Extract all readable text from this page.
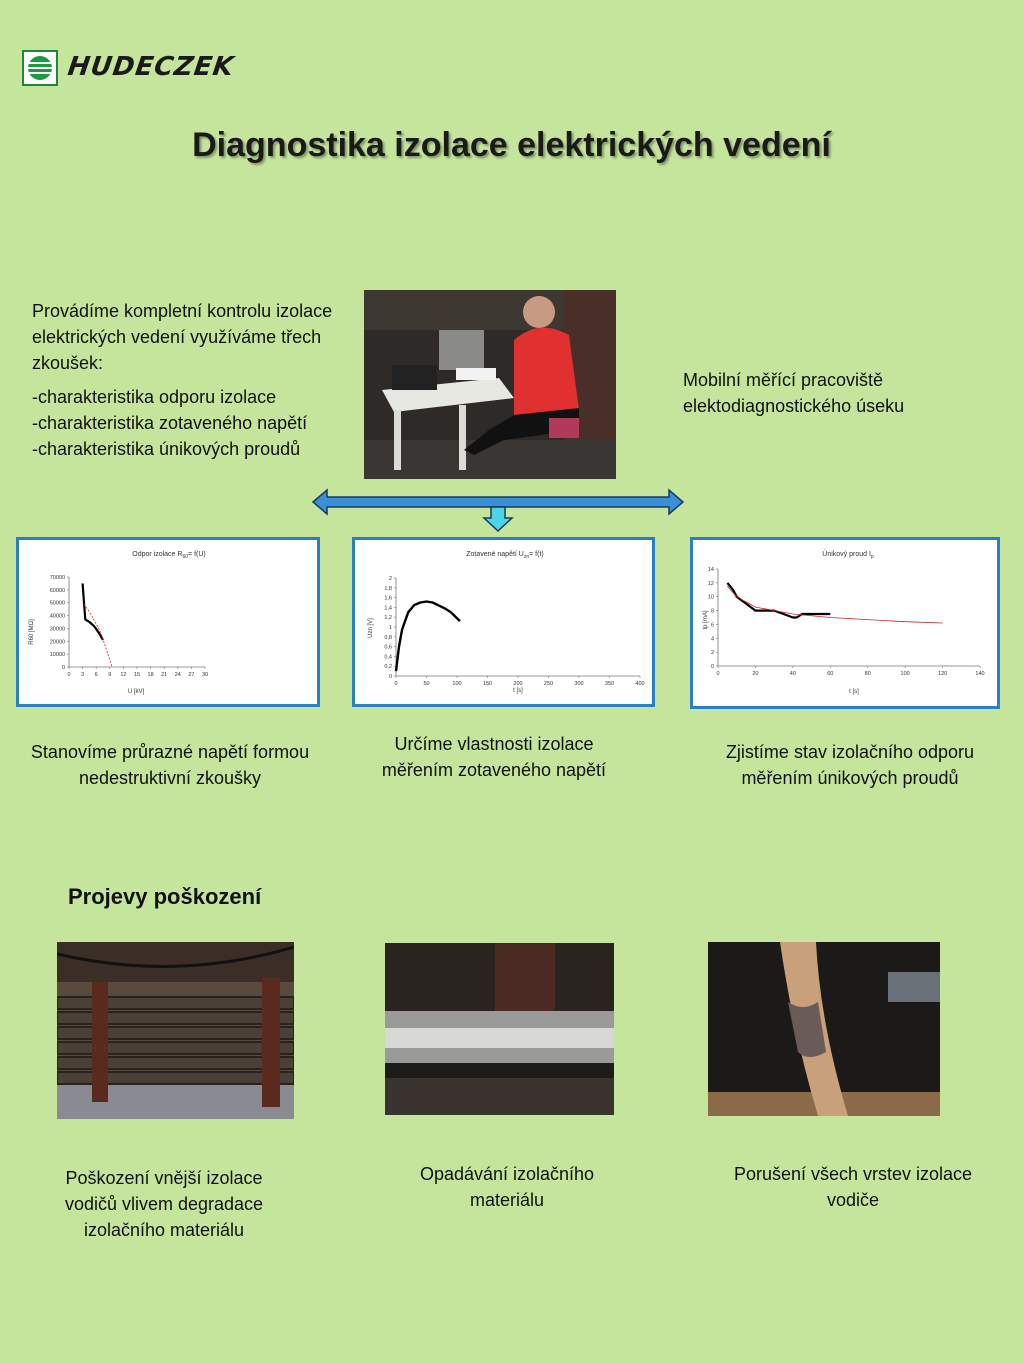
HUDECZEK
Diagnostika izolace elektrických vedení

Provádíme kompletní kontrolu izolace elektrických vedení využíváme třech zkoušek:

-charakteristika odporu izolace
-charakteristika zotaveného napětí
-charakteristika únikových proudů
Mobilní měřící pracoviště elektodiagnostického úseku
Odpor izolace $R_{60}= f(U)$
R60 [MΩ]
U [kV]
70000
60000
50000
40000
30000
20000
10000
0
0 3 6 9 12 15 18 21 24 27 30
Zotavené napětí $U_{zn}= f(t)$
Uzn [V]
t [s]
2
1,8
1,6
1,4
1,2
1
0,8
0,6
0,4
0,2
0
0	50	100	150	200	250	300	350	400
Únikový proud $I_p$
Ip [mA]
t [s]
14
12
10
8
6
4
2
0
0	20	40	60	80	100	120	140
Stanovíme průrazné napětí formou nedestruktivní zkoušky
Určíme vlastnosti izolace měřením zotaveného napětí
Zjistíme stav izolačního odporu měřením únikových proudů
Projevy poškození
Poškození vnější izolace vodičů vlivem degradace izolačního materiálu
Opadávání izolačního materiálu
Porušení všech vrstev izolace vodiče
